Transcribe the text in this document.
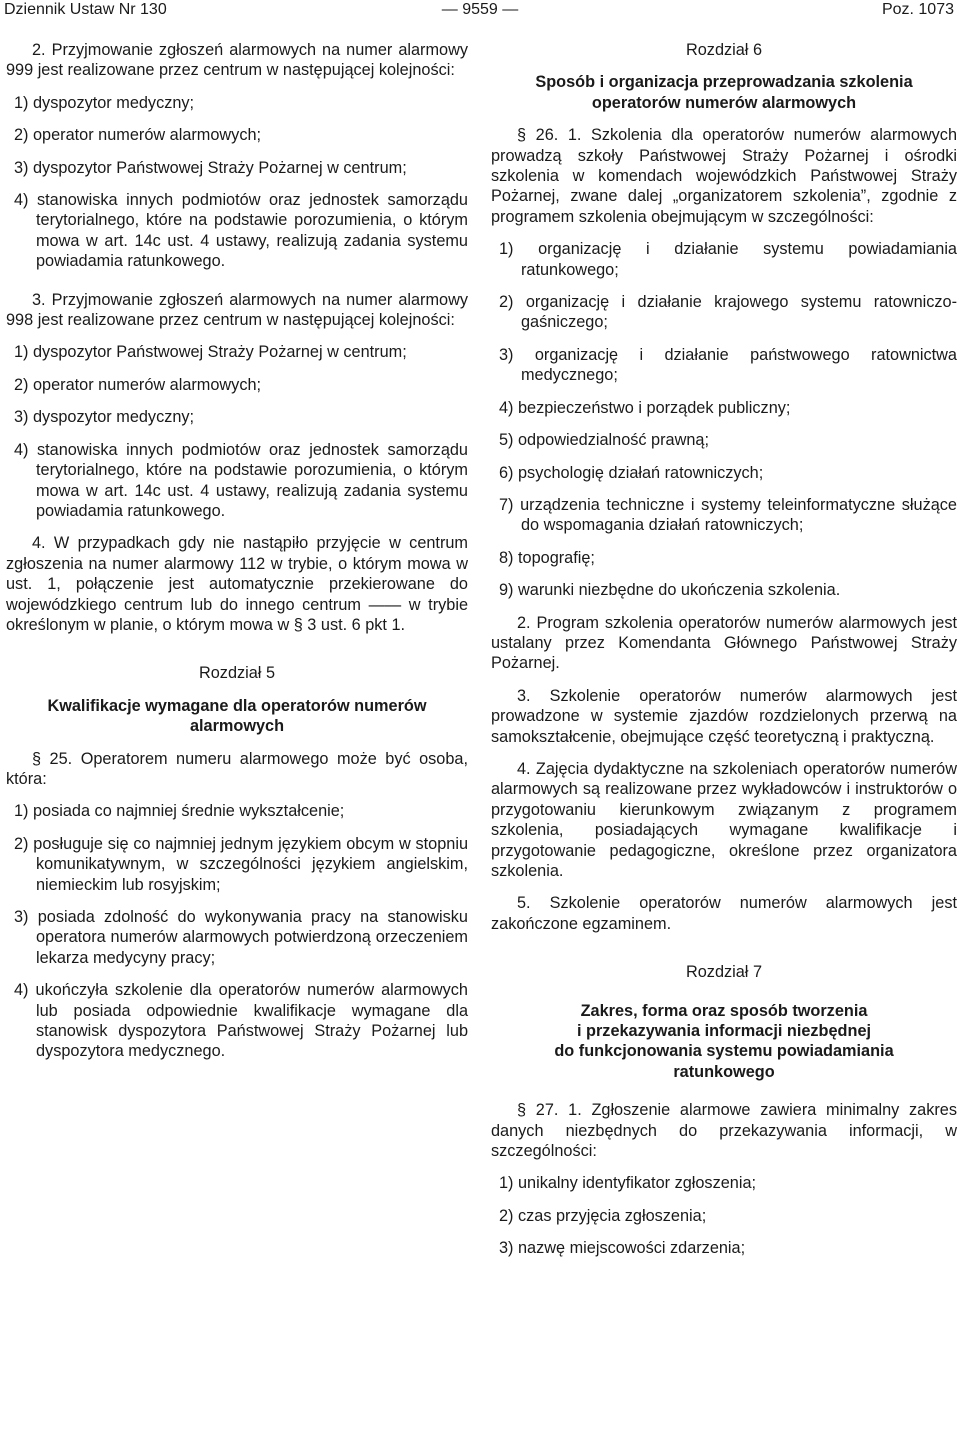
Dziennik Ustaw Nr 130	— 9559 —	Poz. 1073

2. Przyjmowanie zgłoszeń alarmowych na numer alarmowy 999 jest realizowane przez centrum w następującej kolejności:

1) dyspozytor medyczny;

2) operator numerów alarmowych;

3) dyspozytor Państwowej Straży Pożarnej w centrum;

4) stanowiska innych podmiotów oraz jednostek samorządu terytorialnego, które na podstawie porozumienia, o którym mowa w art. 14c ust. 4 ustawy, realizują zadania systemu powiadamia ratunkowego.

3. Przyjmowanie zgłoszeń alarmowych na numer alarmowy 998 jest realizowane przez centrum w następującej kolejności:

1) dyspozytor Państwowej Straży Pożarnej w centrum;

2) operator numerów alarmowych;

3) dyspozytor medyczny;

4) stanowiska innych podmiotów oraz jednostek samorządu terytorialnego, które na podstawie porozumienia, o którym mowa w art. 14c ust. 4 ustawy, realizują zadania systemu powiadamia ratunkowego.

4. W przypadkach gdy nie nastąpiło przyjęcie w centrum zgłoszenia na numer alarmowy 112 w trybie, o którym mowa w ust. 1, połączenie jest automatycznie przekierowane do wojewódzkiego centrum lub do innego centrum —— w trybie określonym w planie, o którym mowa w § 3 ust. 6 pkt 1.

Rozdział 5

Kwalifikacje wymagane dla operatorów numerów alarmowych

§ 25. Operatorem numeru alarmowego może być osoba, która:

1) posiada co najmniej średnie wykształcenie;

2) posługuje się co najmniej jednym językiem obcym w stopniu komunikatywnym, w szczególności językiem angielskim, niemieckim lub rosyjskim;

3) posiada zdolność do wykonywania pracy na stanowisku operatora numerów alarmowych potwierdzoną orzeczeniem lekarza medycyny pracy;

4) ukończyła szkolenie dla operatorów numerów alarmowych lub posiada odpowiednie kwalifikacje wymagane dla stanowisk dyspozytora Państwowej Straży Pożarnej lub dyspozytora medycznego.

Rozdział 6

Sposób i organizacja przeprowadzania szkolenia operatorów numerów alarmowych

§ 26. 1. Szkolenia dla operatorów numerów alarmowych prowadzą szkoły Państwowej Straży Pożarnej i ośrodki szkolenia w komendach wojewódzkich Państwowej Straży Pożarnej, zwane dalej „organizatorem szkolenia”, zgodnie z programem szkolenia obejmującym w szczególności:

1) organizację i działanie systemu powiadamiania ratunkowego;

2) organizację i działanie krajowego systemu ratowniczo-gaśniczego;

3) organizację i działanie państwowego ratownictwa medycznego;

4) bezpieczeństwo i porządek publiczny;

5) odpowiedzialność prawną;

6) psychologię działań ratowniczych;

7) urządzenia techniczne i systemy teleinformatyczne służące do wspomagania działań ratowniczych;

8) topografię;

9) warunki niezbędne do ukończenia szkolenia.

2. Program szkolenia operatorów numerów alarmowych jest ustalany przez Komendanta Głównego Państwowej Straży Pożarnej.

3. Szkolenie operatorów numerów alarmowych jest prowadzone w systemie zjazdów rozdzielonych przerwą na samokształcenie, obejmujące część teoretyczną i praktyczną.

4. Zajęcia dydaktyczne na szkoleniach operatorów numerów alarmowych są realizowane przez wykładowców i instruktorów o przygotowaniu kierunkowym związanym z programem szkolenia, posiadających wymagane kwalifikacje i przygotowanie pedagogiczne, określone przez organizatora szkolenia.

5. Szkolenie operatorów numerów alarmowych jest zakończone egzaminem.

Rozdział 7

Zakres, forma oraz sposób tworzenia

i przekazywania informacji niezbędnej

do funkcjonowania systemu powiadamiania

ratunkowego

§ 27. 1. Zgłoszenie alarmowe zawiera minimalny zakres danych niezbędnych do przekazywania informacji, w szczególności:

1) unikalny identyfikator zgłoszenia;

2) czas przyjęcia zgłoszenia;

3) nazwę miejscowości zdarzenia;
